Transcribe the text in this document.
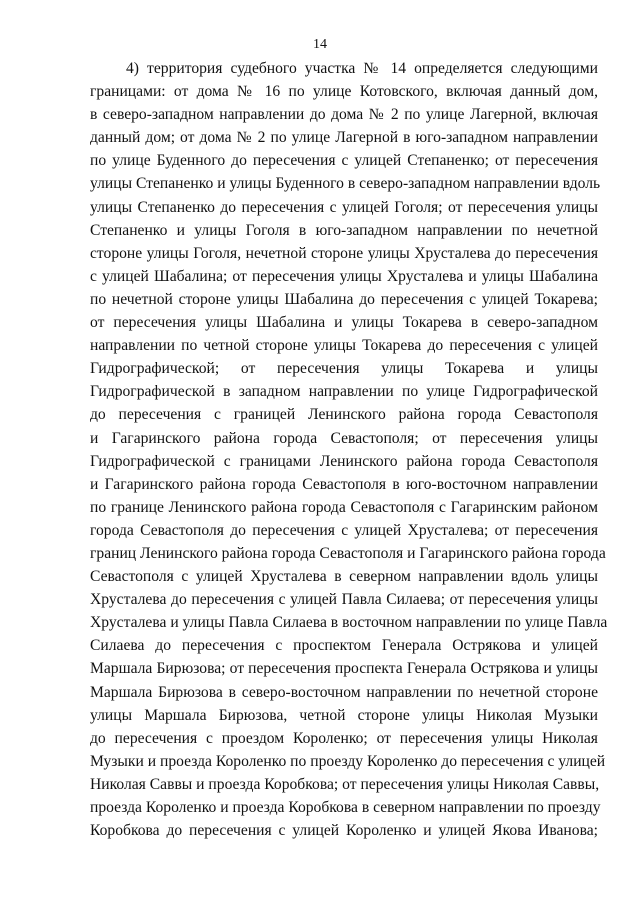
14
4) территория судебного участка № 14 определяется следующими
границами: от дома № 16 по улице Котовского, включая данный дом,
в северо-западном направлении до дома № 2 по улице Лагерной, включая
данный дом; от дома № 2 по улице Лагерной в юго-западном направлении
по улице Буденного до пересечения с улицей Степаненко; от пересечения
улицы Степаненко и улицы Буденного в северо-западном направлении вдоль
улицы Степаненко до пересечения с улицей Гоголя; от пересечения улицы
Степаненко и улицы Гоголя в юго-западном направлении по нечетной
стороне улицы Гоголя, нечетной стороне улицы Хрусталева до пересечения
с улицей Шабалина; от пересечения улицы Хрусталева и улицы Шабалина
по нечетной стороне улицы Шабалина до пересечения с улицей Токарева;
от пересечения улицы Шабалина и улицы Токарева в северо-западном
направлении по четной стороне улицы Токарева до пересечения с улицей
Гидрографической; от пересечения улицы Токарева и улицы
Гидрографической в западном направлении по улице Гидрографической
до пересечения с границей Ленинского района города Севастополя
и Гагаринского района города Севастополя; от пересечения улицы
Гидрографической с границами Ленинского района города Севастополя
и Гагаринского района города Севастополя в юго-восточном направлении
по границе Ленинского района города Севастополя с Гагаринским районом
города Севастополя до пересечения с улицей Хрусталева; от пересечения
границ Ленинского района города Севастополя и Гагаринского района города
Севастополя с улицей Хрусталева в северном направлении вдоль улицы
Хрусталева до пересечения с улицей Павла Силаева; от пересечения улицы
Хрусталева и улицы Павла Силаева в восточном направлении по улице Павла
Силаева до пересечения с проспектом Генерала Острякова и улицей
Маршала Бирюзова; от пересечения проспекта Генерала Острякова и улицы
Маршала Бирюзова в северо-восточном направлении по нечетной стороне
улицы Маршала Бирюзова, четной стороне улицы Николая Музыки
до пересечения с проездом Короленко; от пересечения улицы Николая
Музыки и проезда Короленко по проезду Короленко до пересечения с улицей
Николая Саввы и проезда Коробкова; от пересечения улицы Николая Саввы,
проезда Короленко и проезда Коробкова в северном направлении по проезду
Коробкова до пересечения с улицей Короленко и улицей Якова Иванова;
